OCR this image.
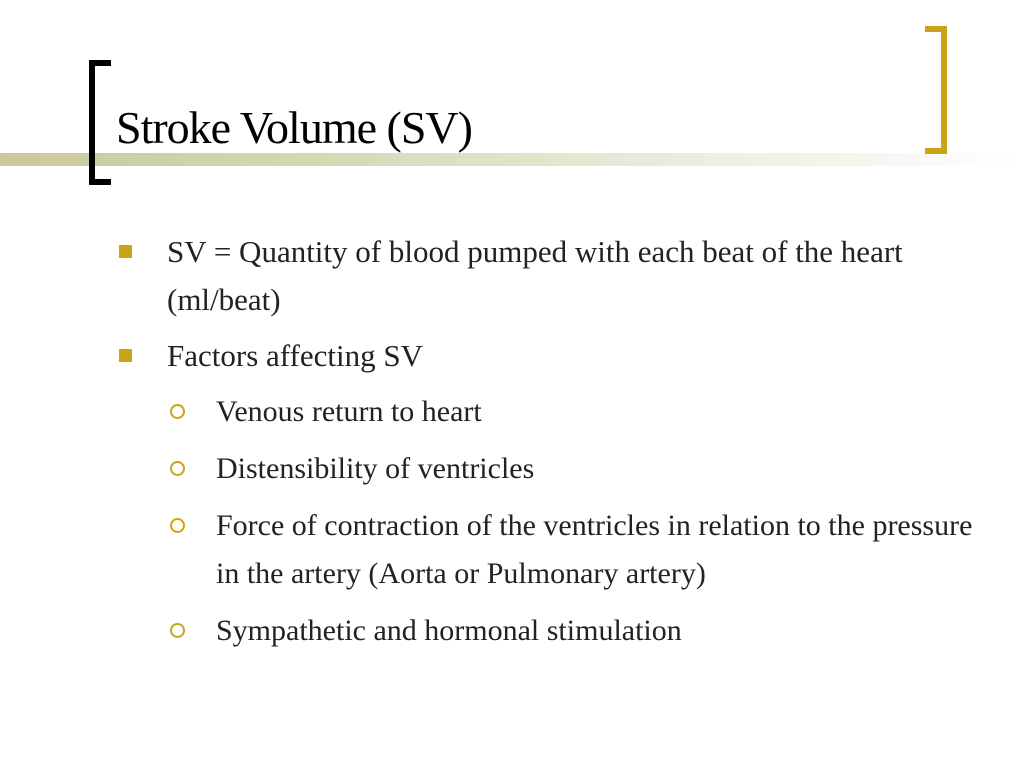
Stroke Volume (SV)
SV = Quantity of blood pumped with each beat of the heart (ml/beat)
Factors affecting SV
Venous return to heart
Distensibility of ventricles
Force of contraction of the ventricles in relation to the pressure in the artery (Aorta or Pulmonary artery)
Sympathetic and hormonal stimulation
